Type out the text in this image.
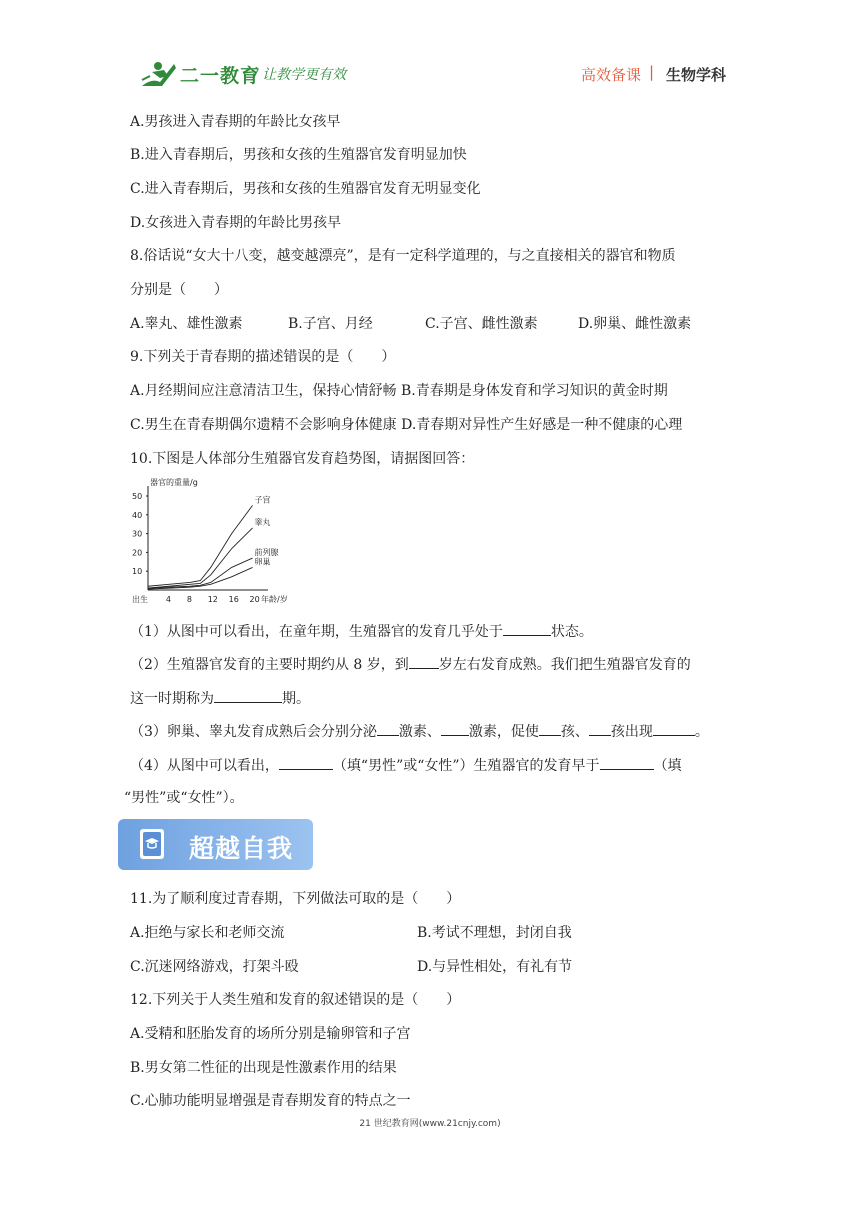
二一教育
/ 让教学更有效	高效备课 | 生物学科
A.男孩进入青春期的年龄比女孩早
B.进入青春期后，男孩和女孩的生殖器官发育明显加快
C.进入青春期后，男孩和女孩的生殖器官发育无明显变化
D.女孩进入青春期的年龄比男孩早
8.俗话说“女大十八变，越变越漂亮”，是有一定科学道理的，与之直接相关的器官和物质
分别是（　　）
A.睾丸、雄性激素	B.子宫、月经	C.子宫、雌性激素	D.卵巢、雌性激素
9.下列关于青春期的描述错误的是（　　）
A.月经期间应注意清洁卫生，保持心情舒畅 B.青春期是身体发育和学习知识的黄金时期
C.男生在青春期偶尔遗精不会影响身体健康 D.青春期对异性产生好感是一种不健康的心理
10.下图是人体部分生殖器官发育趋势图，请据图回答：
器官的重量/g
年龄/岁
出生 4 8 12 16 20
10
20
30
40
50	子宫
睾丸
前列腺
卵巢
（1）从图中可以看出，在童年期，生殖器官的发育几乎处于	状态。
（2）生殖器官发育的主要时期约从 8 岁，到 岁左右发育成熟。我们把生殖器官发育的
这一时期称为	期。
（3）卵巢、睾丸发育成熟后会分别分泌 激素、 激素，促使 孩、 孩出现	。
（4）从图中可以看出，	（填“男性”或“女性”）生殖器官的发育早于	（填
“男性”或“女性”）。
超越自我
11.为了顺利度过青春期，下列做法可取的是（　　）
A.拒绝与家长和老师交流	B.考试不理想，封闭自我
C.沉迷网络游戏，打架斗殴	D.与异性相处，有礼有节
12.下列关于人类生殖和发育的叙述错误的是（　　）
A.受精和胚胎发育的场所分别是输卵管和子宫
B.男女第二性征的出现是性激素作用的结果
C.心肺功能明显增强是青春期发育的特点之一
21 世纪教育网(www.21cnjy.com)
